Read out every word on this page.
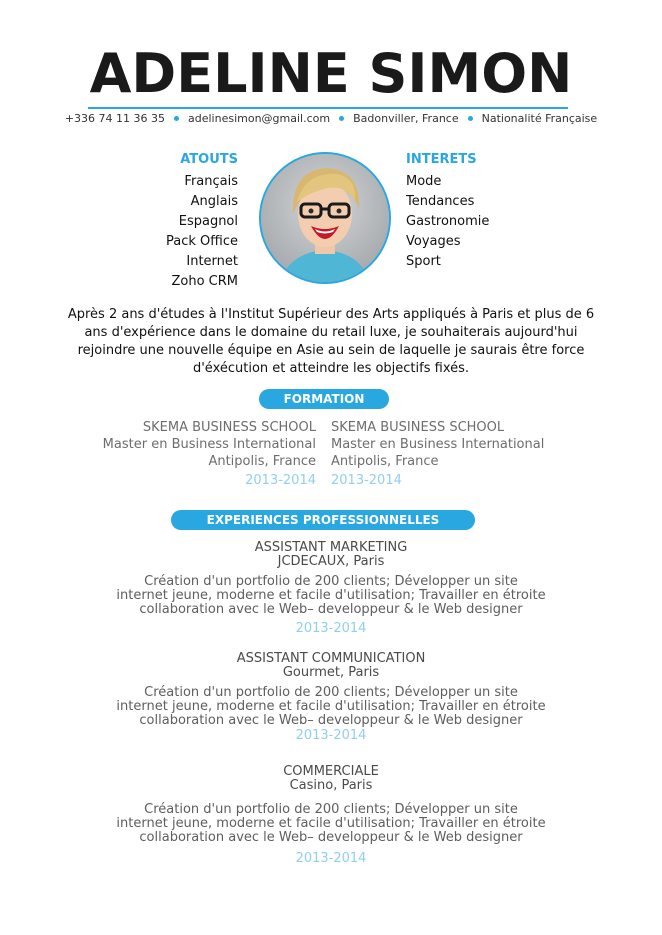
ADELINE SIMON
+336 74 11 36 35 adelinesimon@gmail.com Badonviller, France Nationalité Française
ATOUTS
Français
Anglais
Espagnol
Pack Office
Internet
Zoho CRM
INTERETS
Mode
Tendances
Gastronomie
Voyages
Sport

Après 2 ans d'études à l'Institut Supérieur des Arts appliqués à Paris et plus de 6 ans d'expérience dans le domaine du retail luxe, je souhaiterais aujourd'hui rejoindre une nouvelle équipe en Asie au sein de laquelle je saurais être force d'éxécution et atteindre les objectifs fixés.

FORMATION
SKEMA BUSINESS SCHOOL
Master en Business International
Antipolis, France
2013-2014
SKEMA BUSINESS SCHOOL
Master en Business International
Antipolis, France
2013-2014
EXPERIENCES PROFESSIONNELLES
ASSISTANT MARKETING
JCDECAUX, Paris
Création d'un portfolio de 200 clients; Développer un site
internet jeune, moderne et facile d'utilisation; Travailler en étroite
collaboration avec le Web– developpeur & le Web designer
2013-2014
ASSISTANT COMMUNICATION
Gourmet, Paris
Création d'un portfolio de 200 clients; Développer un site
internet jeune, moderne et facile d'utilisation; Travailler en étroite
collaboration avec le Web– developpeur & le Web designer
2013-2014
COMMERCIALE
Casino, Paris
Création d'un portfolio de 200 clients; Développer un site
internet jeune, moderne et facile d'utilisation; Travailler en étroite
collaboration avec le Web– developpeur & le Web designer
2013-2014
